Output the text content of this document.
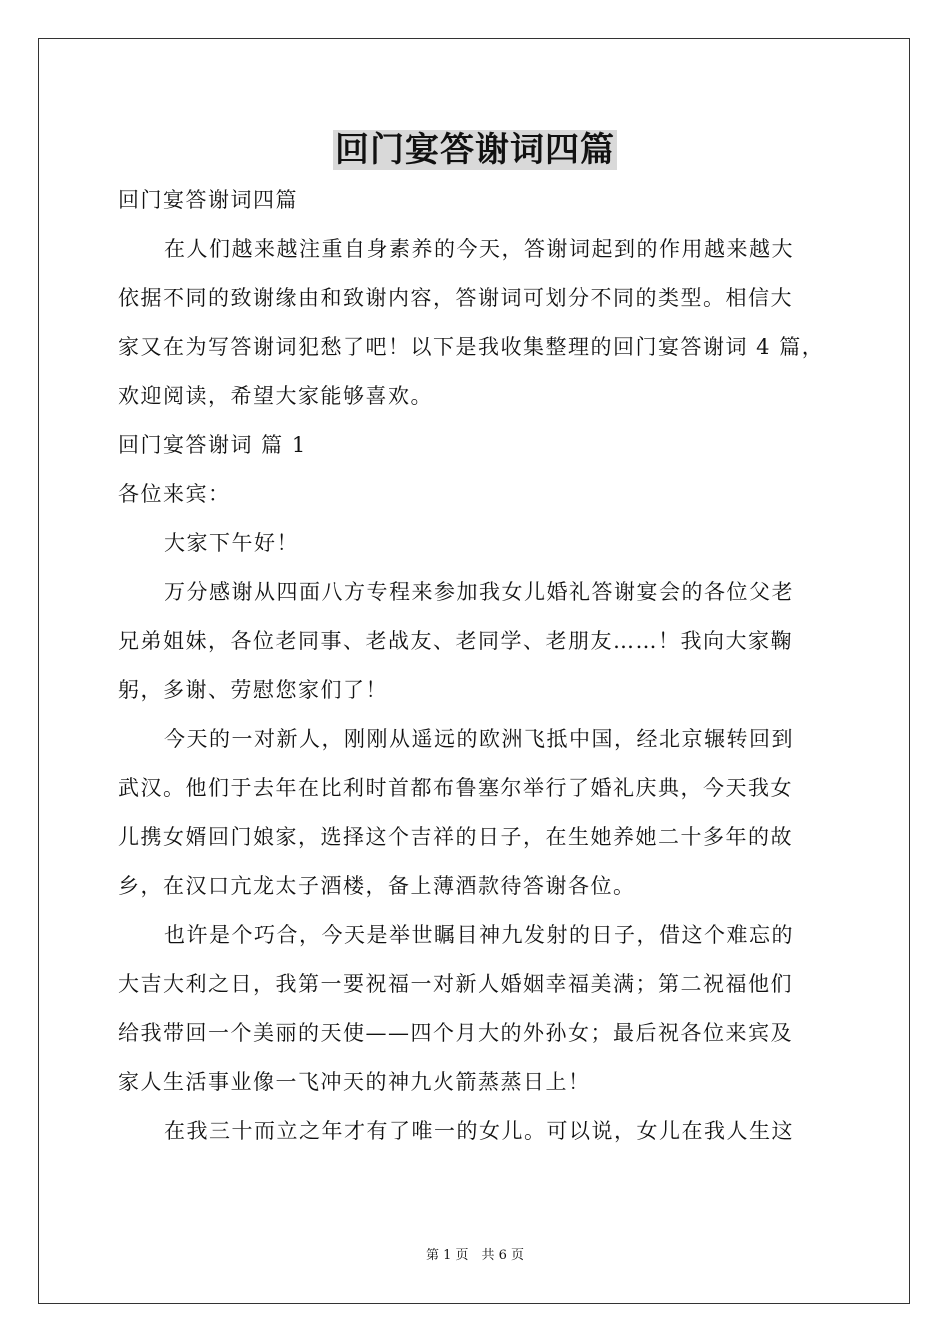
回门宴答谢词四篇
回门宴答谢词四篇
在人们越来越注重自身素养的今天，答谢词起到的作用越来越大
依据不同的致谢缘由和致谢内容，答谢词可划分不同的类型。相信大
家又在为写答谢词犯愁了吧！以下是我收集整理的回门宴答谢词 4 篇，
欢迎阅读，希望大家能够喜欢。
回门宴答谢词 篇 1
各位来宾：
大家下午好！
万分感谢从四面八方专程来参加我女儿婚礼答谢宴会的各位父老
兄弟姐妹，各位老同事、老战友、老同学、老朋友……！我向大家鞠
躬，多谢、劳慰您家们了！
今天的一对新人，刚刚从遥远的欧洲飞抵中国，经北京辗转回到
武汉。他们于去年在比利时首都布鲁塞尔举行了婚礼庆典，今天我女
儿携女婿回门娘家，选择这个吉祥的日子，在生她养她二十多年的故
乡，在汉口亢龙太子酒楼，备上薄酒款待答谢各位。
也许是个巧合，今天是举世瞩目神九发射的日子，借这个难忘的
大吉大利之日，我第一要祝福一对新人婚姻幸福美满；第二祝福他们
给我带回一个美丽的天使——四个月大的外孙女；最后祝各位来宾及
家人生活事业像一飞冲天的神九火箭蒸蒸日上！
在我三十而立之年才有了唯一的女儿。可以说，女儿在我人生这
第 1 页　共 6 页
